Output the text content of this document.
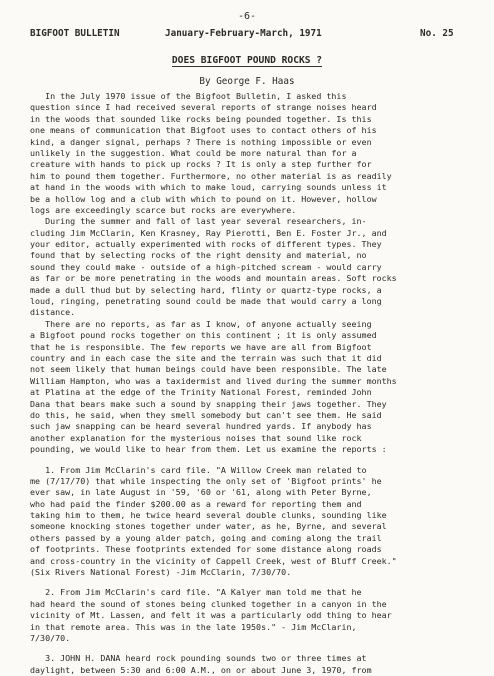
-6-
BIGFOOT BULLETIN	January-February-March, 1971	No. 25
DOES BIGFOOT POUND ROCKS ?
By George F. Haas
In the July 1970 issue of the Bigfoot Bulletin, I asked this
question since I had received several reports of strange noises heard
in the woods that sounded like rocks being pounded together. Is this
one means of communication that Bigfoot uses to contact others of his
kind, a danger signal, perhaps ? There is nothing impossible or even
unlikely in the suggestion. What could be more natural than for a
creature with hands to pick up rocks ? It is only a step further for
him to pound them together. Furthermore, no other material is as readily
at hand in the woods with which to make loud, carrying sounds unless it
be a hollow log and a club with which to pound on it. However, hollow
logs are exceedingly scarce but rocks are everywhere.
During the summer and fall of last year several researchers, in-
cluding Jim McClarin, Ken Krasney, Ray Pierotti, Ben E. Foster Jr., and
your editor, actually experimented with rocks of different types. They
found that by selecting rocks of the right density and material, no
sound they could make - outside of a high-pitched scream - would carry
as far or be more penetrating in the woods and mountain areas. Soft rocks
made a dull thud but by selecting hard, flinty or quartz-type rocks, a
loud, ringing, penetrating sound could be made that would carry a long
distance.
There are no reports, as far as I know, of anyone actually seeing
a Bigfoot pound rocks together on this continent ; it is only assumed
that he is responsible. The few reports we have are all from Bigfoot
country and in each case the site and the terrain was such that it did
not seem likely that human beings could have been responsible. The late
William Hampton, who was a taxidermist and lived during the summer months
at Platina at the edge of the Trinity National Forest, reminded John
Dana that bears make such a sound by snapping their jaws together. They
do this, he said, when they smell somebody but can't see them. He said
such jaw snapping can be heard several hundred yards. If anybody has
another explanation for the mysterious noises that sound like rock
pounding, we would like to hear from them. Let us examine the reports :
1. From Jim McClarin's card file. "A Willow Creek man related to
me (7/17/70) that while inspecting the only set of 'Bigfoot prints' he
ever saw, in late August in '59, '60 or '61, along with Peter Byrne,
who had paid the finder $200.00 as a reward for reporting them and
taking him to them, he twice heard several double clunks, sounding like
someone knocking stones together under water, as he, Byrne, and several
others passed by a young alder patch, going and coming along the trail
of footprints. These footprints extended for some distance along roads
and cross-country in the vicinity of Cappell Creek, west of Bluff Creek."
(Six Rivers National Forest) -Jim McClarin, 7/30/70.
2. From Jim McClarin's card file. "A Kalyer man told me that he
had heard the sound of stones being clunked together in a canyon in the
vicinity of Mt. Lassen, and felt it was a particularly odd thing to hear
in that remote area. This was in the late 1950s." - Jim McClarin,
7/30/70.
3. JOHN H. DANA heard rock pounding sounds two or three times at
daylight, between 5:30 and 6:00 A.M., on or about June 3, 1970, from
